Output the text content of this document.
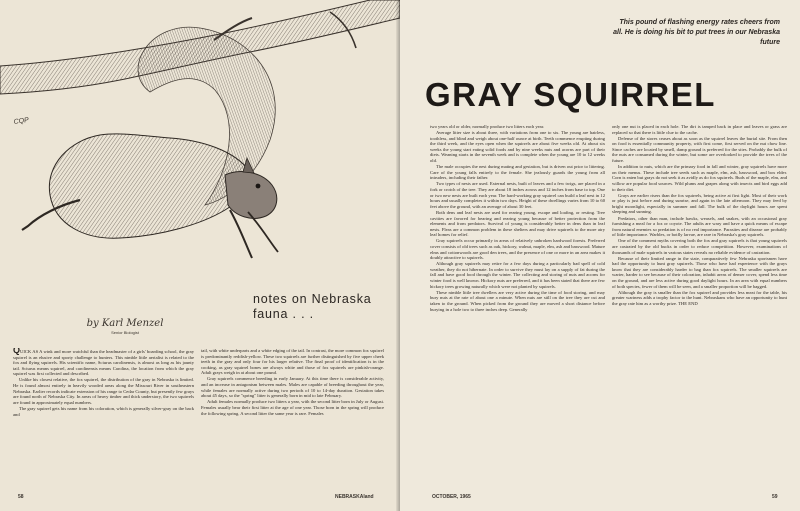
CQP
notes on Nebraska fauna . . .
by Karl Menzel
Senior Biologist

QUICK AS A wink and more watchful than the headmaster of a girls' boarding school, the gray squirrel is an elusive and sporty challenge to hunters. This nimble little aerialist is related to the fox and flying squirrels. His scientific name, Sciurus carolinensis, is almost as long as his jaunty tail. Sciurus means squirrel, and carolinensis means Carolina, the location from which the gray squirrel was first collected and described.

Unlike his closest relative, the fox squirrel, the distribution of the gray in Nebraska is limited. He is found almost entirely in heavily wooded areas along the Missouri River in southeastern Nebraska. Earlier records indicate extension of his range to Cedar County, but presently few grays are found north of Nebraska City. In areas of heavy timber and thick understory, the two squirrels are found in approximately equal numbers.

The gray squirrel gets his name from his coloration, which is generally silver-gray on the back and

tail, with white underparts and a white edging of the tail. In contrast, the more common fox squirrel is predominantly reddish-yellow. These two squirrels are further distinguished by five upper cheek teeth in the gray and only four for his larger relative. The final proof of identification is in the cooking, as gray squirrel bones are always white and those of fox squirrels are pinkish-orange. Adult grays weigh in at about one pound.

Gray squirrels commence breeding in early January. At this time there is considerable activity, and an increase in antagonism between males. Males are capable of breeding throughout the year, while females are normally active during two periods of 10 to 14-day duration. Gestation takes about 45 days, so the "spring" litter is generally born in mid to late February.

Adult females normally produce two litters a year, with the second litter born in July or August. Females usually bear their first litter at the age of one year. Those born in the spring will produce the following spring. A second litter the same year is rare. Females

58	NEBRASKAland
This pound of flashing energy rates cheers from all. He is doing his bit to put trees in our Nebraska future
GRAY SQUIRREL

two years old or older, normally produce two litters each year.

Average litter size is about three, with variations from one to six. The young are hairless, toothless, and blind and weigh about one-half ounce at birth. Teeth commence erupting during the third week, and the eyes open when the squirrels are about five weeks old. At about six weeks the young start eating solid foods and by nine weeks nuts and acorns are part of their diets. Weaning starts in the seventh week and is complete when the young are 10 to 12 weeks old.

The male occupies the nest during mating and gestation, but is driven out prior to littering. Care of the young falls entirely to the female. She jealously guards the young from all intruders, including their father.

Two types of nests are used. External nests, built of leaves and a few twigs, are placed in a fork or crotch of the tree. They are about 18 inches across and 12 inches from base to top. One or two new nests are built each year. The hard-working gray squirrel can build a leaf nest in 12 hours and usually completes it within two days. Height of these dwellings varies from 10 to 60 feet above the ground, with an average of about 30 feet.

Both dens and leaf nests are used for rearing young, escape and loafing, or resting. Tree cavities are favored for bearing and rearing young because of better protection from the elements and from predators. Survival of young is considerably better in dens than in leaf nests. Fleas are a common problem in these shelters and may drive squirrels to the more airy leaf homes for relief.

Gray squirrels occur primarily in areas of relatively unbroken hardwood forests. Preferred cover consists of old trees such as oak, hickory, walnut, maple, elm, ash and basswood. Mature elms and cottonwoods are good den trees, and the presence of one or more in an area makes it doubly attractive to squirrels.

Although gray squirrels may retire for a few days during a particularly bad spell of cold weather, they do not hibernate. In order to survive they must lay on a supply of fat during the fall and have good food through the winter. The collecting and storing of nuts and acorns for winter food is well known. Hickory nuts are preferred, and it has been stated that there are few hickory trees growing naturally which were not planted by squirrels.

These nimble little tree dwellers are very active during the time of food storing, and may bury nuts at the rate of about one a minute. When nuts are still on the tree they are cut and taken to the ground. When picked from the ground they are moved a short distance before burying in a hole two to three inches deep. Generally

only one nut is placed in each hole. The dirt is tamped back in place and leaves or grass are replaced so that there is little clue to the cache.

Defense of the stores ceases about as soon as the squirrel leaves the burial site. From then on food is essentially community property, with first come, first served on the nut chow line. Since caches are located by smell, damp ground is preferred for the sites. Probably the bulk of the nuts are consumed during the winter, but some are overlooked to provide the trees of the future.

In addition to nuts, which are the primary food in fall and winter, gray squirrels have more on their menus. These include tree seeds such as maple, elm, ash, basswood, and box elder. Corn is eaten but grays do not seek it as avidly as do fox squirrels. Buds of the maple, elm, and willow are popular food sources. Wild plums and grapes along with insects and bird eggs add to their diet.

Grays are earlier risers than the fox squirrels, being active at first light. Most of their work or play is just before and during sunrise, and again in the late afternoon. They may feed by bright moonlight, especially in summer and fall. The bulk of the daylight hours are spent sleeping and sunning.

Predators, other than man, include hawks, weasels, and snakes, with an occasional gray furnishing a meal for a fox or coyote. The adults are wary and have a quick means of escape from natural enemies so predation is of no real importance. Parasites and disease are probably of little importance. Warbles, or botfly larvae, are rare in Nebraska's gray squirrels.

One of the comment myths covering both the fox and gray squirrels is that young squirrels are castrated by the old bucks in order to reduce competition. However, examinations of thousands of male squirrels in various states reveals no reliable evidence of castration.

Because of their limited range in the state, comparatively few Nebraska sportsmen have had the opportunity to hunt gray squirrels. Those who have had experience with the grays know that they are considerably harder to bag than fox squirrels. The smaller squirrels are warier, harder to see because of their coloration, inhabit areas of denser cover, spend less time on the ground, and are less active during good daylight hours. In an area with equal numbers of both species, fewer of them will be seen, and a smaller proportion will be bagged.

Although the gray is smaller than the fox squirrel and provides less meat for the table, his greater wariness adds a trophy factor to the hunt. Nebraskans who have an opportunity to hunt the gray rate him as a worthy prize. THE END

OCTOBER, 1965	59
